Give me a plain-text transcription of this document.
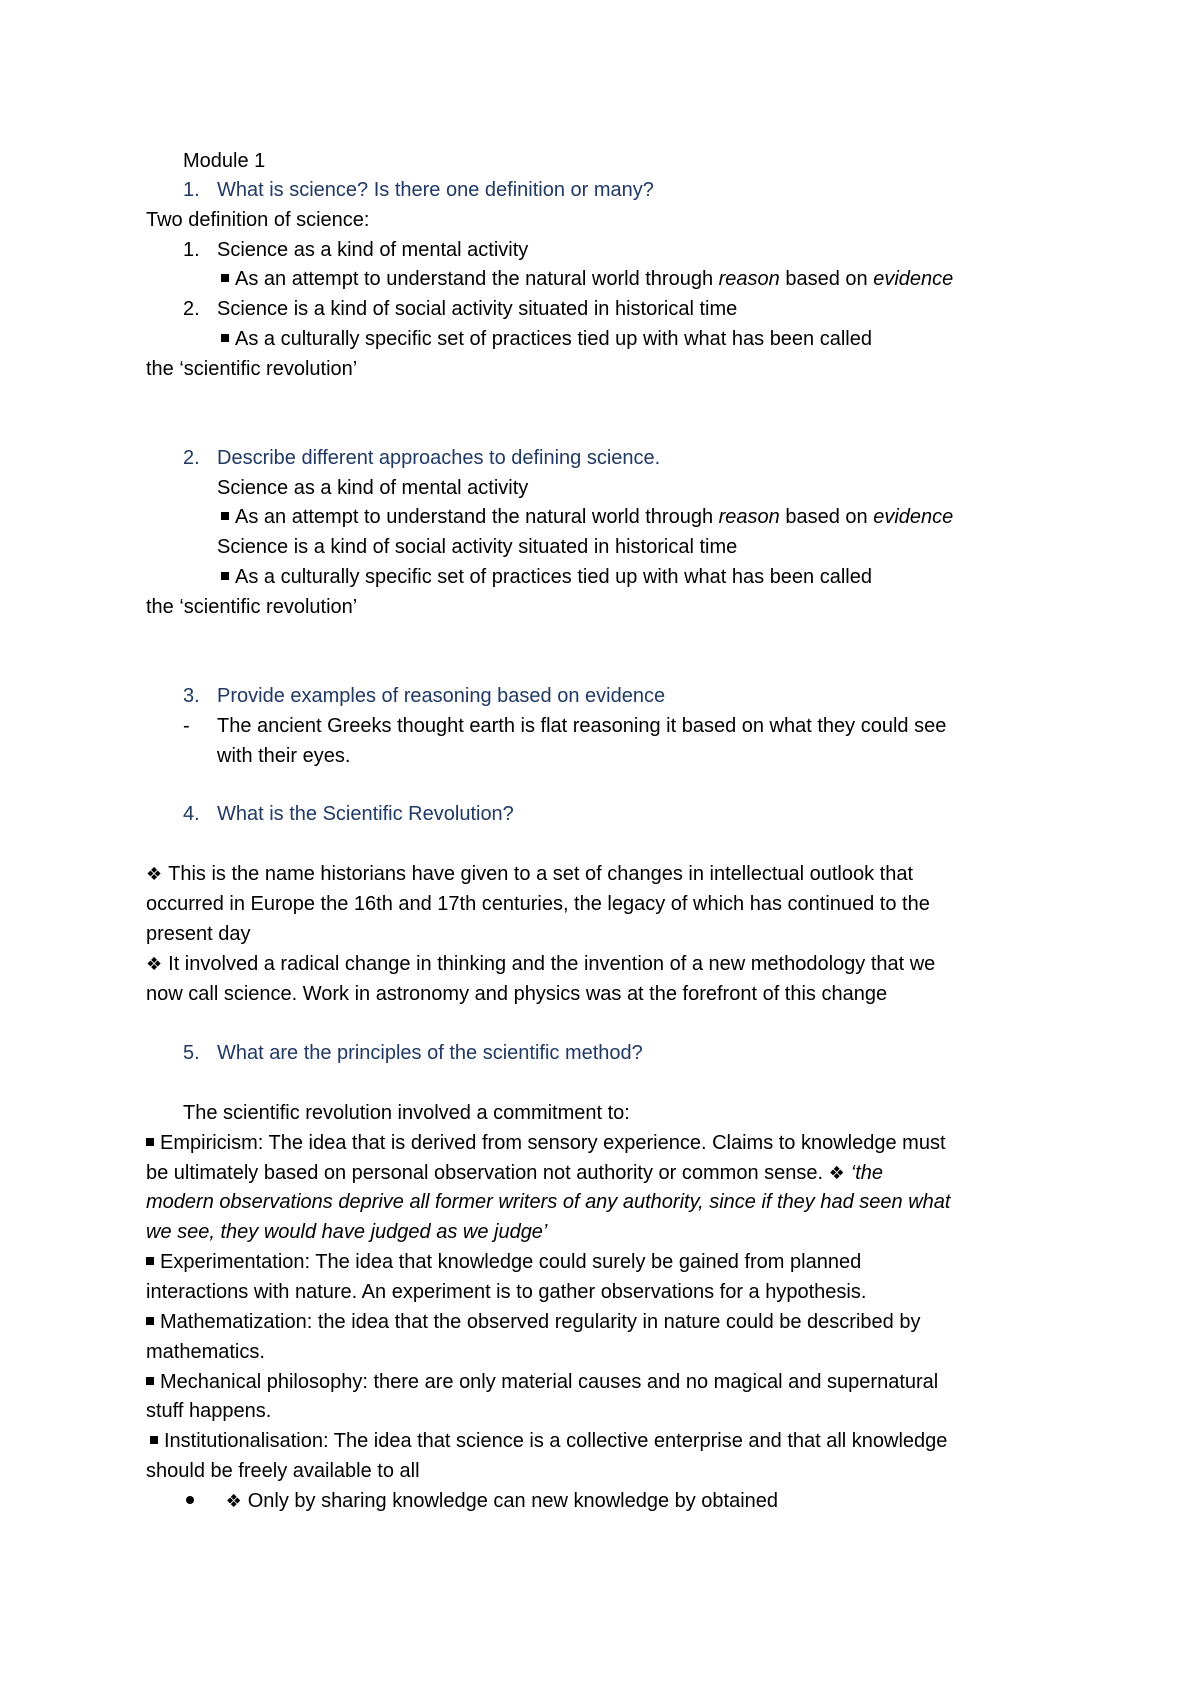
Module 1
1. What is science? Is there one definition or many?
Two definition of science:
1. Science as a kind of mental activity
As an attempt to understand the natural world through reason based on evidence
2. Science is a kind of social activity situated in historical time
As a culturally specific set of practices tied up with what has been called
the ‘scientific revolution’
2. Describe different approaches to defining science.
Science as a kind of mental activity
As an attempt to understand the natural world through reason based on evidence
Science is a kind of social activity situated in historical time
As a culturally specific set of practices tied up with what has been called
the ‘scientific revolution’
3. Provide examples of reasoning based on evidence
- The ancient Greeks thought earth is flat reasoning it based on what they could see
with their eyes.
4. What is the Scientific Revolution?
❖ This is the name historians have given to a set of changes in intellectual outlook that
occurred in Europe the 16th and 17th centuries, the legacy of which has continued to the
present day
❖ It involved a radical change in thinking and the invention of a new methodology that we
now call science. Work in astronomy and physics was at the forefront of this change
5. What are the principles of the scientific method?
The scientific revolution involved a commitment to:
Empiricism: The idea that is derived from sensory experience. Claims to knowledge must
be ultimately based on personal observation not authority or common sense. ❖ ‘the
modern observations deprive all former writers of any authority, since if they had seen what
we see, they would have judged as we judge’
Experimentation: The idea that knowledge could surely be gained from planned
interactions with nature. An experiment is to gather observations for a hypothesis.
Mathematization: the idea that the observed regularity in nature could be described by
mathematics.
Mechanical philosophy: there are only material causes and no magical and supernatural
stuff happens.
Institutionalisation: The idea that science is a collective enterprise and that all knowledge
should be freely available to all
❖ Only by sharing knowledge can new knowledge by obtained
